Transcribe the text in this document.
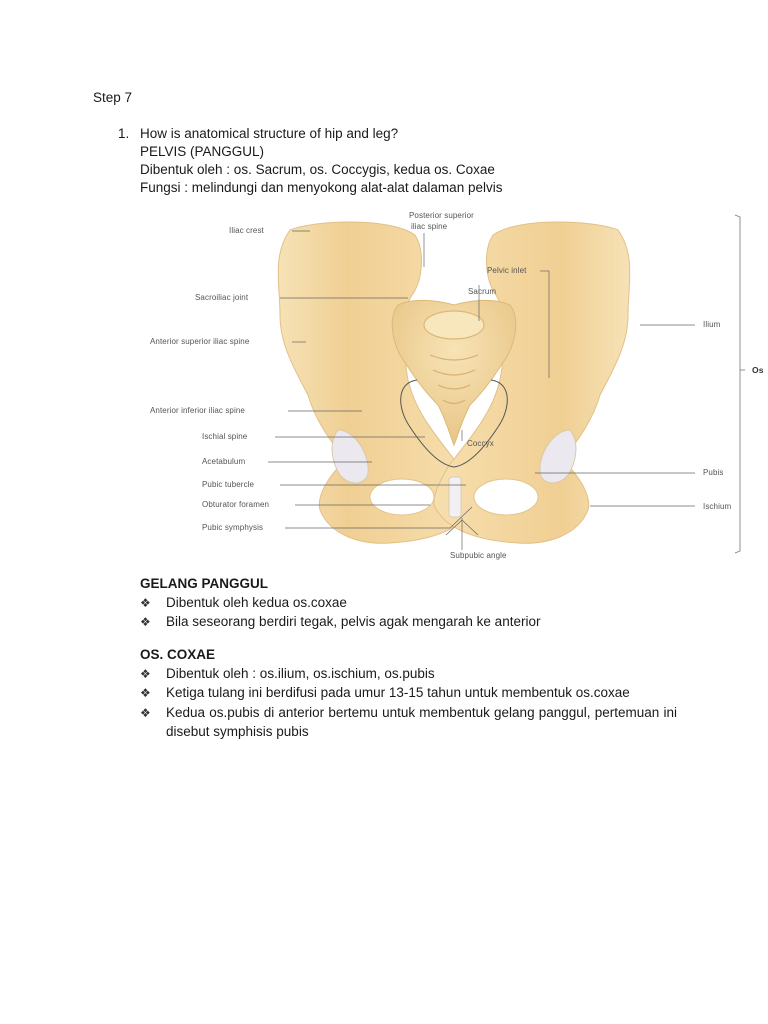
Step 7
1. How is anatomical structure of hip and leg?
PELVIS (PANGGUL)
Dibentuk oleh : os. Sacrum, os. Coccygis, kedua os. Coxae
Fungsi : melindungi dan menyokong alat-alat dalaman pelvis
Iliac crest
Sacroiliac joint
Anterior superior iliac spine
Anterior inferior iliac spine
Ischial spine
Acetabulum
Pubic tubercle
Obturator foramen
Pubic symphysis
Posterior superior
iliac spine
Pelvic inlet
Sacrum
Coccyx
Subpubic angle
Ilium
Pubis
Ischium
Os
GELANG PANGGUL
❖ Dibentuk oleh kedua os.coxae
❖ Bila seseorang berdiri tegak, pelvis agak mengarah ke anterior
OS. COXAE
❖ Dibentuk oleh : os.ilium, os.ischium, os.pubis
❖ Ketiga tulang ini berdifusi pada umur 13-15 tahun untuk membentuk os.coxae
❖	Kedua os.pubis di anterior bertemu untuk membentuk gelang panggul, pertemuan ini disebut symphisis pubis
